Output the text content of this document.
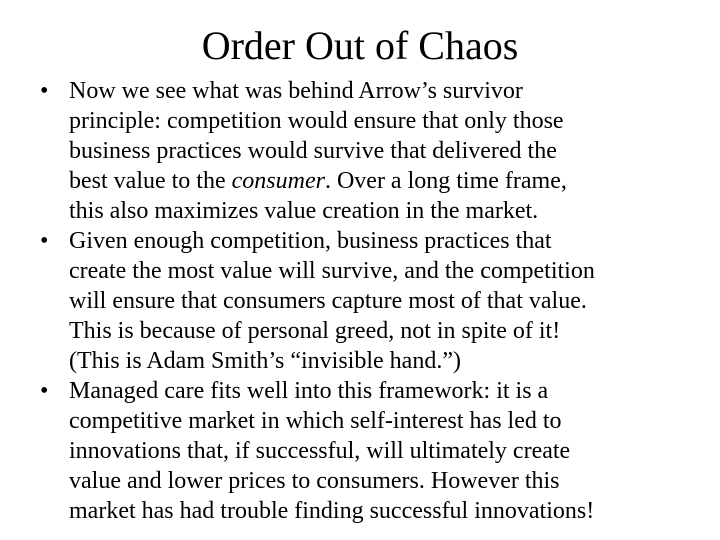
Order Out of Chaos
• Now we see what was behind Arrow’s survivor
principle: competition would ensure that only those
business practices would survive that delivered the
best value to the consumer. Over a long time frame,
this also maximizes value creation in the market.
• Given enough competition, business practices that
create the most value will survive, and the competition
will ensure that consumers capture most of that value.
This is because of personal greed, not in spite of it!
(This is Adam Smith’s “invisible hand.”)
• Managed care fits well into this framework: it is a
competitive market in which self-interest has led to
innovations that, if successful, will ultimately create
value and lower prices to consumers. However this
market has had trouble finding successful innovations!
